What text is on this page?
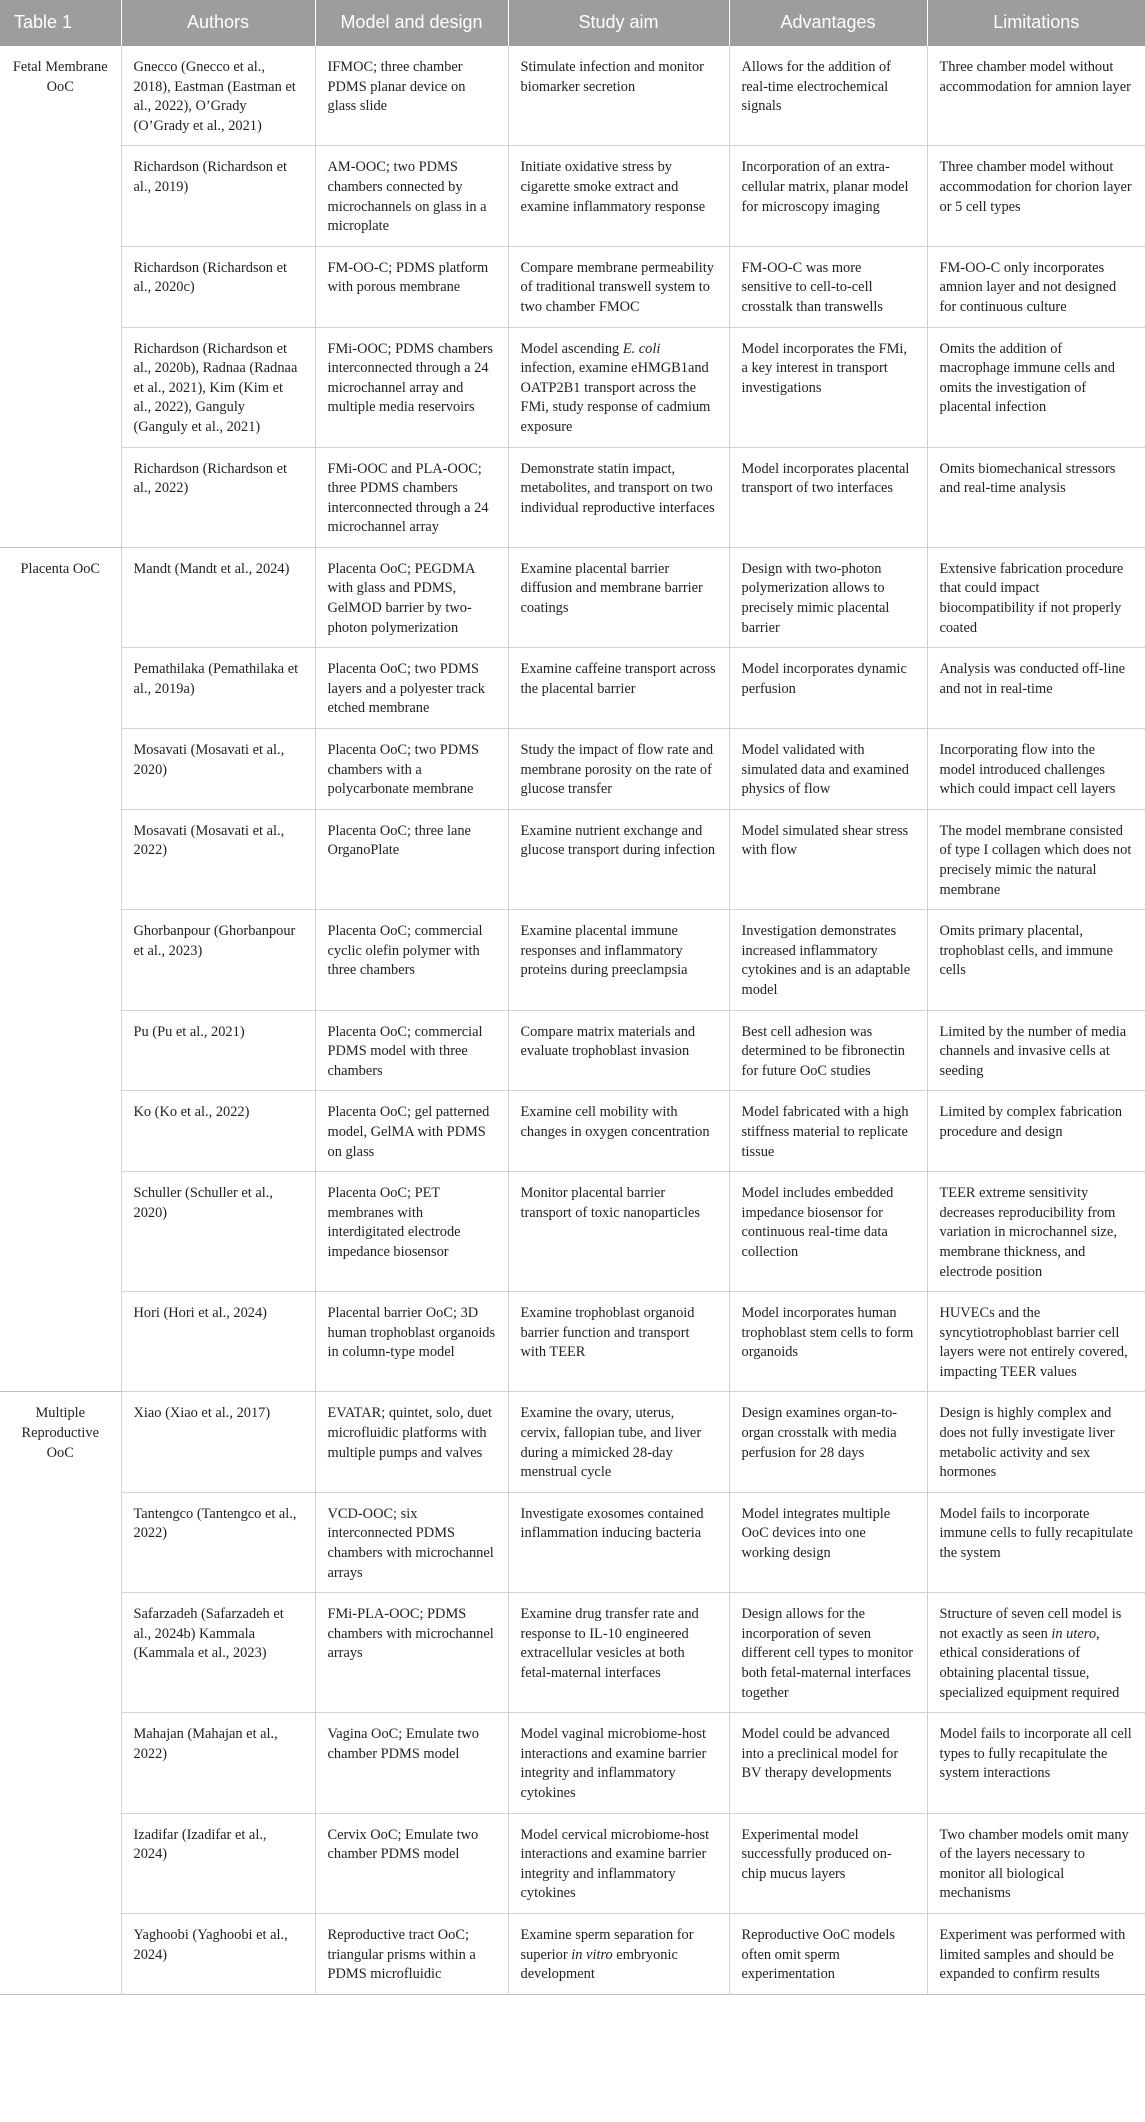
Table 1	Authors	Model and design	Study aim	Advantages	Limitations
Fetal Membrane OoC	Gnecco (Gnecco et al., 2018), Eastman (Eastman et al., 2022), O’Grady (O’Grady et al., 2021)	IFMOC; three chamber PDMS planar device on glass slide	Stimulate infection and monitor biomarker secretion	Allows for the addition of real-time electrochemical signals	Three chamber model without accommodation for amnion layer
	Richardson (Richardson et al., 2019)	AM-OOC; two PDMS chambers connected by microchannels on glass in a microplate	Initiate oxidative stress by cigarette smoke extract and examine inflammatory response	Incorporation of an extra-cellular matrix, planar model for microscopy imaging	Three chamber model without accommodation for chorion layer or 5 cell types
	Richardson (Richardson et al., 2020c)	FM-OO-C; PDMS platform with porous membrane	Compare membrane permeability of traditional transwell system to two chamber FMOC	FM-OO-C was more sensitive to cell-to-cell crosstalk than transwells	FM-OO-C only incorporates amnion layer and not designed for continuous culture
	Richardson (Richardson et al., 2020b), Radnaa (Radnaa et al., 2021), Kim (Kim et al., 2022), Ganguly (Ganguly et al., 2021)	FMi-OOC; PDMS chambers interconnected through a 24 microchannel array and multiple media reservoirs	Model ascending E. coli infection, examine eHMGB1and OATP2B1 transport across the FMi, study response of cadmium exposure	Model incorporates the FMi, a key interest in transport investigations	Omits the addition of macrophage immune cells and omits the investigation of placental infection
	Richardson (Richardson et al., 2022)	FMi-OOC and PLA-OOC; three PDMS chambers interconnected through a 24 microchannel array	Demonstrate statin impact, metabolites, and transport on two individual reproductive interfaces	Model incorporates placental transport of two interfaces	Omits biomechanical stressors and real-time analysis
Placenta OoC	Mandt (Mandt et al., 2024)	Placenta OoC; PEGDMA with glass and PDMS, GelMOD barrier by two-photon polymerization	Examine placental barrier diffusion and membrane barrier coatings	Design with two-photon polymerization allows to precisely mimic placental barrier	Extensive fabrication procedure that could impact biocompatibility if not properly coated
	Pemathilaka (Pemathilaka et al., 2019a)	Placenta OoC; two PDMS layers and a polyester track etched membrane	Examine caffeine transport across the placental barrier	Model incorporates dynamic perfusion	Analysis was conducted off-line and not in real-time
	Mosavati (Mosavati et al., 2020)	Placenta OoC; two PDMS chambers with a polycarbonate membrane	Study the impact of flow rate and membrane porosity on the rate of glucose transfer	Model validated with simulated data and examined physics of flow	Incorporating flow into the model introduced challenges which could impact cell layers
	Mosavati (Mosavati et al., 2022)	Placenta OoC; three lane OrganoPlate	Examine nutrient exchange and glucose transport during infection	Model simulated shear stress with flow	The model membrane consisted of type I collagen which does not precisely mimic the natural membrane
	Ghorbanpour (Ghorbanpour et al., 2023)	Placenta OoC; commercial cyclic olefin polymer with three chambers	Examine placental immune responses and inflammatory proteins during preeclampsia	Investigation demonstrates increased inflammatory cytokines and is an adaptable model	Omits primary placental, trophoblast cells, and immune cells
	Pu (Pu et al., 2021)	Placenta OoC; commercial PDMS model with three chambers	Compare matrix materials and evaluate trophoblast invasion	Best cell adhesion was determined to be fibronectin for future OoC studies	Limited by the number of media channels and invasive cells at seeding
	Ko (Ko et al., 2022)	Placenta OoC; gel patterned model, GelMA with PDMS on glass	Examine cell mobility with changes in oxygen concentration	Model fabricated with a high stiffness material to replicate tissue	Limited by complex fabrication procedure and design
	Schuller (Schuller et al., 2020)	Placenta OoC; PET membranes with interdigitated electrode impedance biosensor	Monitor placental barrier transport of toxic nanoparticles	Model includes embedded impedance biosensor for continuous real-time data collection	TEER extreme sensitivity decreases reproducibility from variation in microchannel size, membrane thickness, and electrode position
	Hori (Hori et al., 2024)	Placental barrier OoC; 3D human trophoblast organoids in column-type model	Examine trophoblast organoid barrier function and transport with TEER	Model incorporates human trophoblast stem cells to form organoids	HUVECs and the syncytiotrophoblast barrier cell layers were not entirely covered, impacting TEER values
Multiple Reproductive OoC	Xiao (Xiao et al., 2017)	EVATAR; quintet, solo, duet microfluidic platforms with multiple pumps and valves	Examine the ovary, uterus, cervix, fallopian tube, and liver during a mimicked 28-day menstrual cycle	Design examines organ-to-organ crosstalk with media perfusion for 28 days	Design is highly complex and does not fully investigate liver metabolic activity and sex hormones
	Tantengco (Tantengco et al., 2022)	VCD-OOC; six interconnected PDMS chambers with microchannel arrays	Investigate exosomes contained inflammation inducing bacteria	Model integrates multiple OoC devices into one working design	Model fails to incorporate immune cells to fully recapitulate the system
	Safarzadeh (Safarzadeh et al., 2024b) Kammala (Kammala et al., 2023)	FMi-PLA-OOC; PDMS chambers with microchannel arrays	Examine drug transfer rate and response to IL-10 engineered extracellular vesicles at both fetal-maternal interfaces	Design allows for the incorporation of seven different cell types to monitor both fetal-maternal interfaces together	Structure of seven cell model is not exactly as seen in utero, ethical considerations of obtaining placental tissue, specialized equipment required
	Mahajan (Mahajan et al., 2022)	Vagina OoC; Emulate two chamber PDMS model	Model vaginal microbiome-host interactions and examine barrier integrity and inflammatory cytokines	Model could be advanced into a preclinical model for BV therapy developments	Model fails to incorporate all cell types to fully recapitulate the system interactions
	Izadifar (Izadifar et al., 2024)	Cervix OoC; Emulate two chamber PDMS model	Model cervical microbiome-host interactions and examine barrier integrity and inflammatory cytokines	Experimental model successfully produced on-chip mucus layers	Two chamber models omit many of the layers necessary to monitor all biological mechanisms
	Yaghoobi (Yaghoobi et al., 2024)	Reproductive tract OoC; triangular prisms within a PDMS microfluidic	Examine sperm separation for superior in vitro embryonic development	Reproductive OoC models often omit sperm experimentation	Experiment was performed with limited samples and should be expanded to confirm results
